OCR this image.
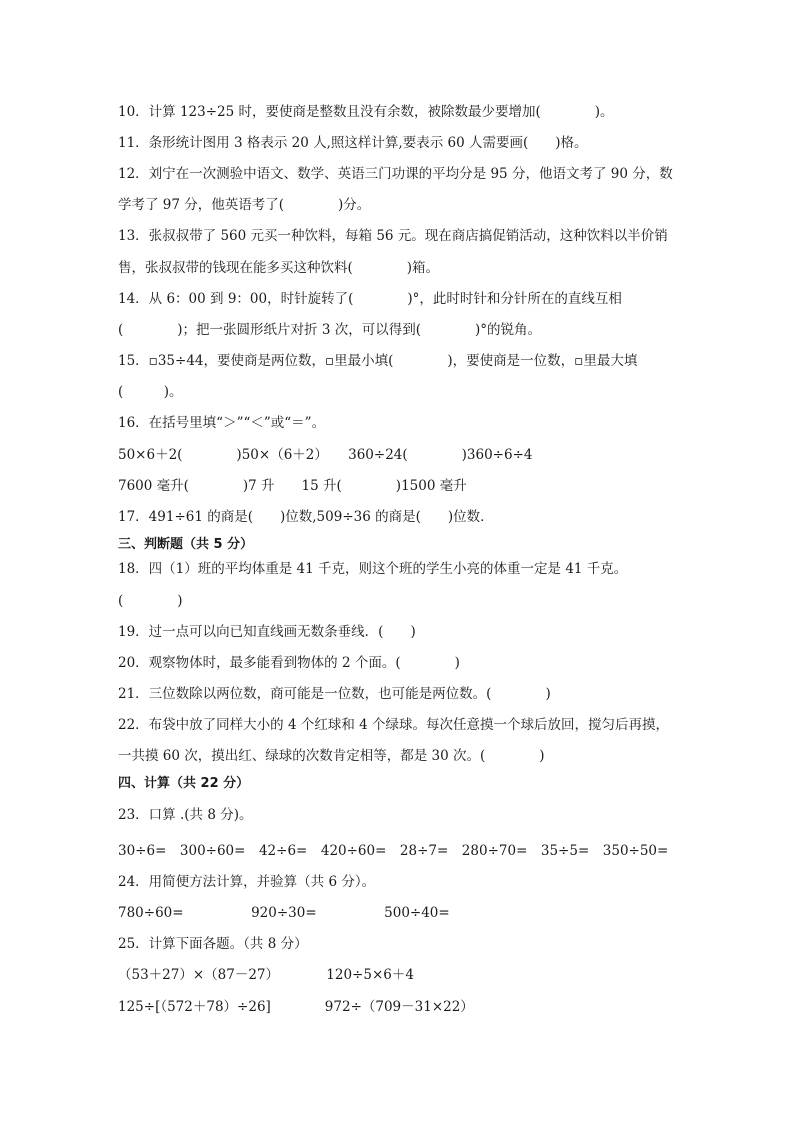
10．计算 123÷25 时，要使商是整数且没有余数，被除数最少要增加(　　　　)。
11．条形统计图用 3 格表示 20 人,照这样计算,要表示 60 人需要画(　　)格。
12．刘宁在一次测验中语文、数学、英语三门功课的平均分是 95 分，他语文考了 90 分，数
学考了 97 分，他英语考了(　　　　)分。
13．张叔叔带了 560 元买一种饮料，每箱 56 元。现在商店搞促销活动，这种饮料以半价销
售，张叔叔带的钱现在能多买这种饮料(　　　　)箱。
14．从 6：00 到 9：00，时针旋转了(　　　　)°，此时时针和分针所在的直线互相
(　　　　)；把一张圆形纸片对折 3 次，可以得到(　　　　)°的锐角。
15．▫35÷44，要使商是两位数，▫里最小填(　　　　)，要使商是一位数，▫里最大填
(　　　)。
16．在括号里填“＞”“＜”或“＝”。
50×6＋2(　　　　)50×（6＋2）　　360÷24(　　　　)360÷6÷4
7600 毫升(　　　　)7 升　　15 升(　　　　)1500 毫升
17．491÷61 的商是(　　)位数,509÷36 的商是(　　)位数．
三、判断题（共 5 分）
18．四（1）班的平均体重是 41 千克，则这个班的学生小亮的体重一定是 41 千克。
(　　　　)
19．过一点可以向已知直线画无数条垂线．(　　)
20．观察物体时，最多能看到物体的 2 个面。(　　　　)
21．三位数除以两位数，商可能是一位数，也可能是两位数。(　　　　)
22．布袋中放了同样大小的 4 个红球和 4 个绿球。每次任意摸一个球后放回，搅匀后再摸，
一共摸 60 次，摸出红、绿球的次数肯定相等，都是 30 次。(　　　　)
四、计算（共 22 分）
23．口算 .(共 8 分)。
30÷6=　300÷60=　42÷6=　420÷60=　28÷7=　280÷70=　35÷5=　350÷50=
24．用简便方法计算，并验算（共 6 分）。
780÷60=　　　　　920÷30=　　　　　500÷40=
25．计算下面各题。（共 8 分）
（53＋27）×（87－27）　　　　120÷5×6＋4
125÷[（572＋78）÷26]　　　　972÷（709－31×22）
